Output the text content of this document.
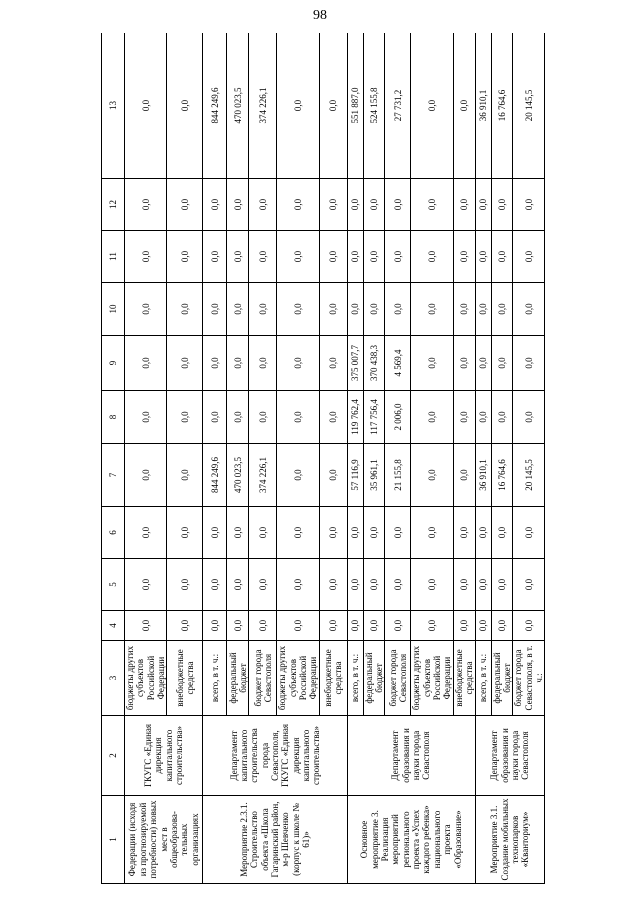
98
1	2	3	4	5	6	7	8	9	10	11	12	13
Федерации (исходя из прогнозируемой потребности) новых мест в общеобразова-тельных организациях	ГКУГС «Единая дирекция капитального строительства»	бюджеты других субъектов Российской Федерации	0,0	0,0	0,0	0,0	0,0	0,0	0,0	0,0	0,0	0,0
		внебюджетные средства	0,0	0,0	0,0	0,0	0,0	0,0	0,0	0,0	0,0	0,0
Мероприятие 2.3.1. Строительство объекта «Школа Гагаринский район, м-р Шевченко (корпус к школе № 61)»	Департамент капитального строительства города Севастополя, ГКУГС «Единая дирекция капитального строительства»	всего, в т. ч.:	0,0	0,0	0,0	844 249,6	0,0	0,0	0,0	0,0	0,0	844 249,6
		федеральный бюджет	0,0	0,0	0,0	470 023,5	0,0	0,0	0,0	0,0	0,0	470 023,5
		бюджет города Севастополя	0,0	0,0	0,0	374 226,1	0,0	0,0	0,0	0,0	0,0	374 226,1
		бюджеты других субъектов Российской Федерации	0,0	0,0	0,0	0,0	0,0	0,0	0,0	0,0	0,0	0,0
		внебюджетные средства	0,0	0,0	0,0	0,0	0,0	0,0	0,0	0,0	0,0	0,0
Основное мероприятие 3. Реализация мероприятий регионального проекта «Успех каждого ребенка» национального проекта «Образование»	Департамент образования и науки города Севастополя	всего, в т. ч.:	0,0	0,0	0,0	57 116,9	119 762,4	375 007,7	0,0	0,0	0,0	551 887,0
		федеральный бюджет	0,0	0,0	0,0	35 961,1	117 756,4	370 438,3	0,0	0,0	0,0	524 155,8
		бюджет города Севастополя	0,0	0,0	0,0	21 155,8	2 006,0	4 569,4	0,0	0,0	0,0	27 731,2
		бюджеты других субъектов Российской Федерации	0,0	0,0	0,0	0,0	0,0	0,0	0,0	0,0	0,0	0,0
		внебюджетные средства	0,0	0,0	0,0	0,0	0,0	0,0	0,0	0,0	0,0	0,0
Мероприятие 3.1. Создание мобильных технопарков «Кванториум»	Департамент образования и науки города Севастополя	всего, в т. ч.:	0,0	0,0	0,0	36 910,1	0,0	0,0	0,0	0,0	0,0	36 910,1
		федеральный бюджет	0,0	0,0	0,0	16 764,6	0,0	0,0	0,0	0,0	0,0	16 764,6
		бюджет города Севастополя, в т. ч.:	0,0	0,0	0,0	20 145,5	0,0	0,0	0,0	0,0	0,0	20 145,5
